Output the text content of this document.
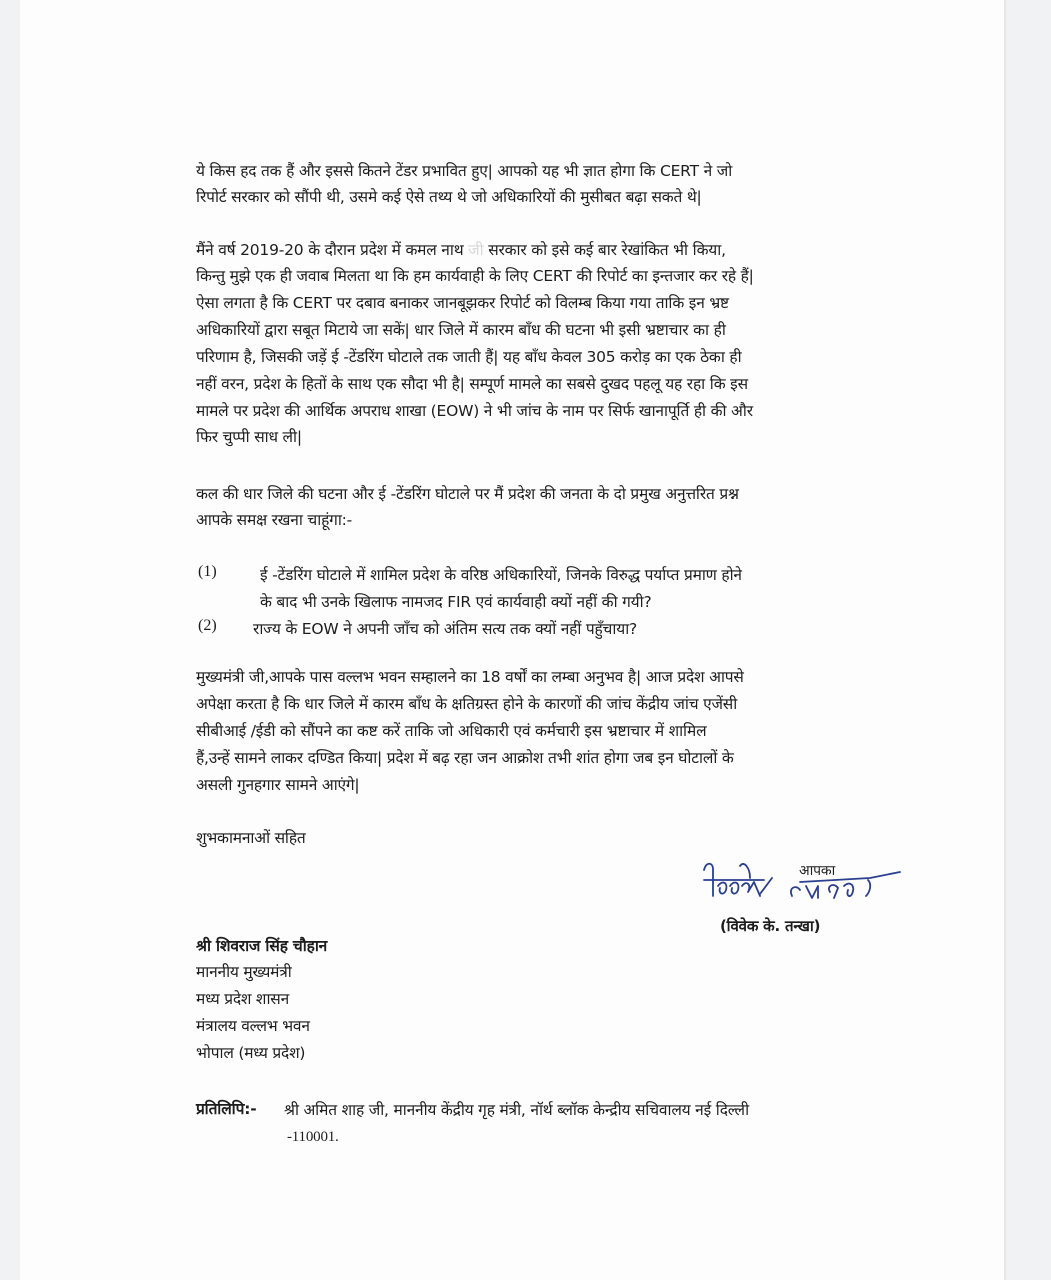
ये किस हद तक हैं और इससे कितने टेंडर प्रभावित हुए| आपको यह भी ज्ञात होगा कि CERT ने जो
रिपोर्ट सरकार को सौंपी थी, उसमे कई ऐसे तथ्य थे जो अधिकारियों की मुसीबत बढ़ा सकते थे|
मैंने वर्ष 2019-20 के दौरान प्रदेश में कमल नाथ जी सरकार को इसे कई बार रेखांकित भी किया,
किन्तु मुझे एक ही जवाब मिलता था कि हम कार्यवाही के लिए CERT की रिपोर्ट का इन्तजार कर रहे हैं|
ऐसा लगता है कि CERT पर दबाव बनाकर जानबूझकर रिपोर्ट को विलम्ब किया गया ताकि इन भ्रष्ट
अधिकारियों द्वारा सबूत मिटाये जा सकें| धार जिले में कारम बाँध की घटना भी इसी भ्रष्टाचार का ही
परिणाम है, जिसकी जड़ें ई -टेंडरिंग घोटाले तक जाती हैं| यह बाँध केवल 305 करोड़ का एक ठेका ही
नहीं वरन, प्रदेश के हितों के साथ एक सौदा भी है| सम्पूर्ण मामले का सबसे दुखद पहलू यह रहा कि इस
मामले पर प्रदेश की आर्थिक अपराध शाखा (EOW) ने भी जांच के नाम पर सिर्फ खानापूर्ति ही की और
फिर चुप्पी साध ली|
कल की धार जिले की घटना और ई -टेंडरिंग घोटाले पर मैं प्रदेश की जनता के दो प्रमुख अनुत्तरित प्रश्न
आपके समक्ष रखना चाहूंगा:-
(1)	ई -टेंडरिंग घोटाले में शामिल प्रदेश के वरिष्ठ अधिकारियों, जिनके विरुद्ध पर्याप्त प्रमाण होने
के बाद भी उनके खिलाफ नामजद FIR एवं कार्यवाही क्यों नहीं की गयी?
(2) राज्य के EOW ने अपनी जाँच को अंतिम सत्य तक क्यों नहीं पहुँचाया?
मुख्यमंत्री जी,आपके पास वल्लभ भवन सम्हालने का 18 वर्षों का लम्बा अनुभव है| आज प्रदेश आपसे
अपेक्षा करता है कि धार जिले में कारम बाँध के क्षतिग्रस्त होने के कारणों की जांच केंद्रीय जांच एजेंसी
सीबीआई /ईडी को सौंपने का कष्ट करें ताकि जो अधिकारी एवं कर्मचारी इस भ्रष्टाचार में शामिल
हैं,उन्हें सामने लाकर दण्डित किया| प्रदेश में बढ़ रहा जन आक्रोश तभी शांत होगा जब इन घोटालों के
असली गुनहगार सामने आएंगे|
शुभकामनाओं सहित
आपका
(विवेक के. तन्खा)
श्री शिवराज सिंह चौहान
माननीय मुख्यमंत्री
मध्य प्रदेश शासन
मंत्रालय वल्लभ भवन
भोपाल (मध्य प्रदेश)
प्रतिलिपि:- श्री अमित शाह जी, माननीय केंद्रीय गृह मंत्री, नॉर्थ ब्लॉक केन्द्रीय सचिवालय नई दिल्ली
-110001.
